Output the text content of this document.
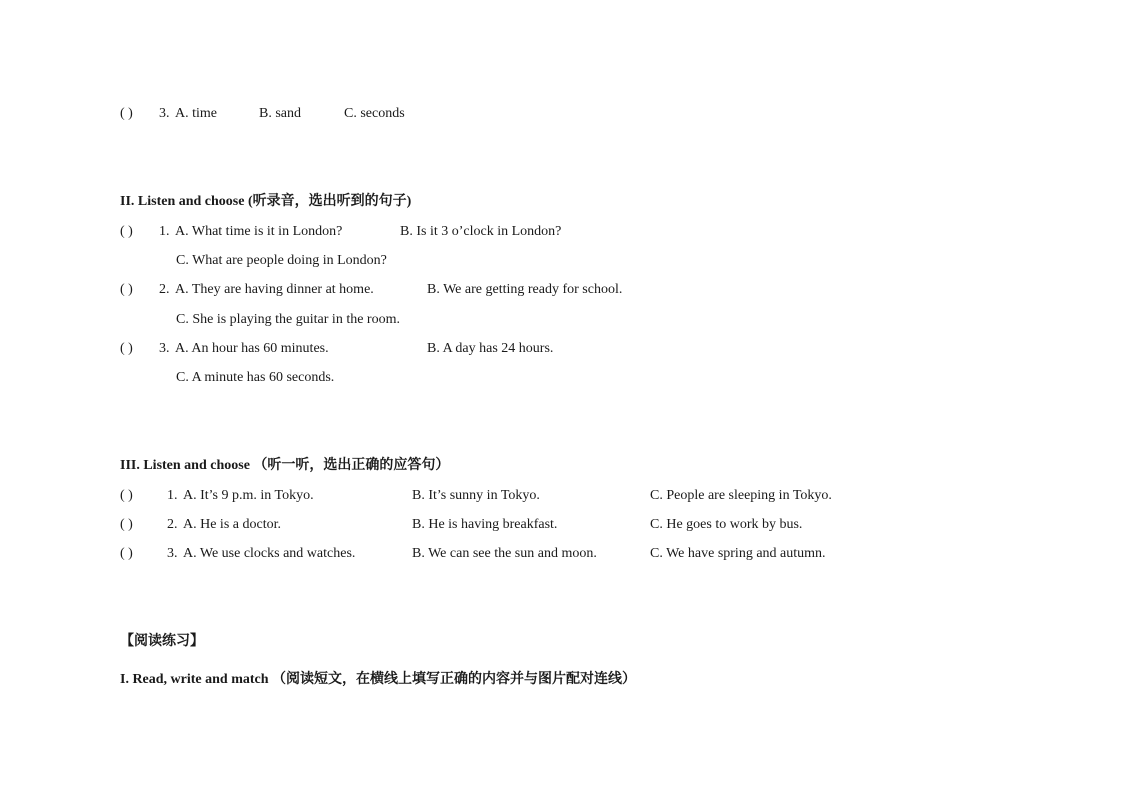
( ) 3. A. time	B. sand	C. seconds
II. Listen and choose (听录音，选出听到的句子)
( ) 1. A. What time is it in London?	B. Is it 3 o’clock in London?
C. What are people doing in London?
( ) 2. A. They are having dinner at home.	B. We are getting ready for school.
C. She is playing the guitar in the room.
( ) 3. A. An hour has 60 minutes.	B. A day has 24 hours.
C. A minute has 60 seconds.
III. Listen and choose （听一听，选出正确的应答句）
( ) 1. A. It’s 9 p.m. in Tokyo.	B. It’s sunny in Tokyo.	C. People are sleeping in Tokyo.
( ) 2. A. He is a doctor.	B. He is having breakfast.	C. He goes to work by bus.
( ) 3. A. We use clocks and watches.	B. We can see the sun and moon.	C. We have spring and autumn.
【阅读练习】
I. Read, write and match （阅读短文，在横线上填写正确的内容并与图片配对连线）
